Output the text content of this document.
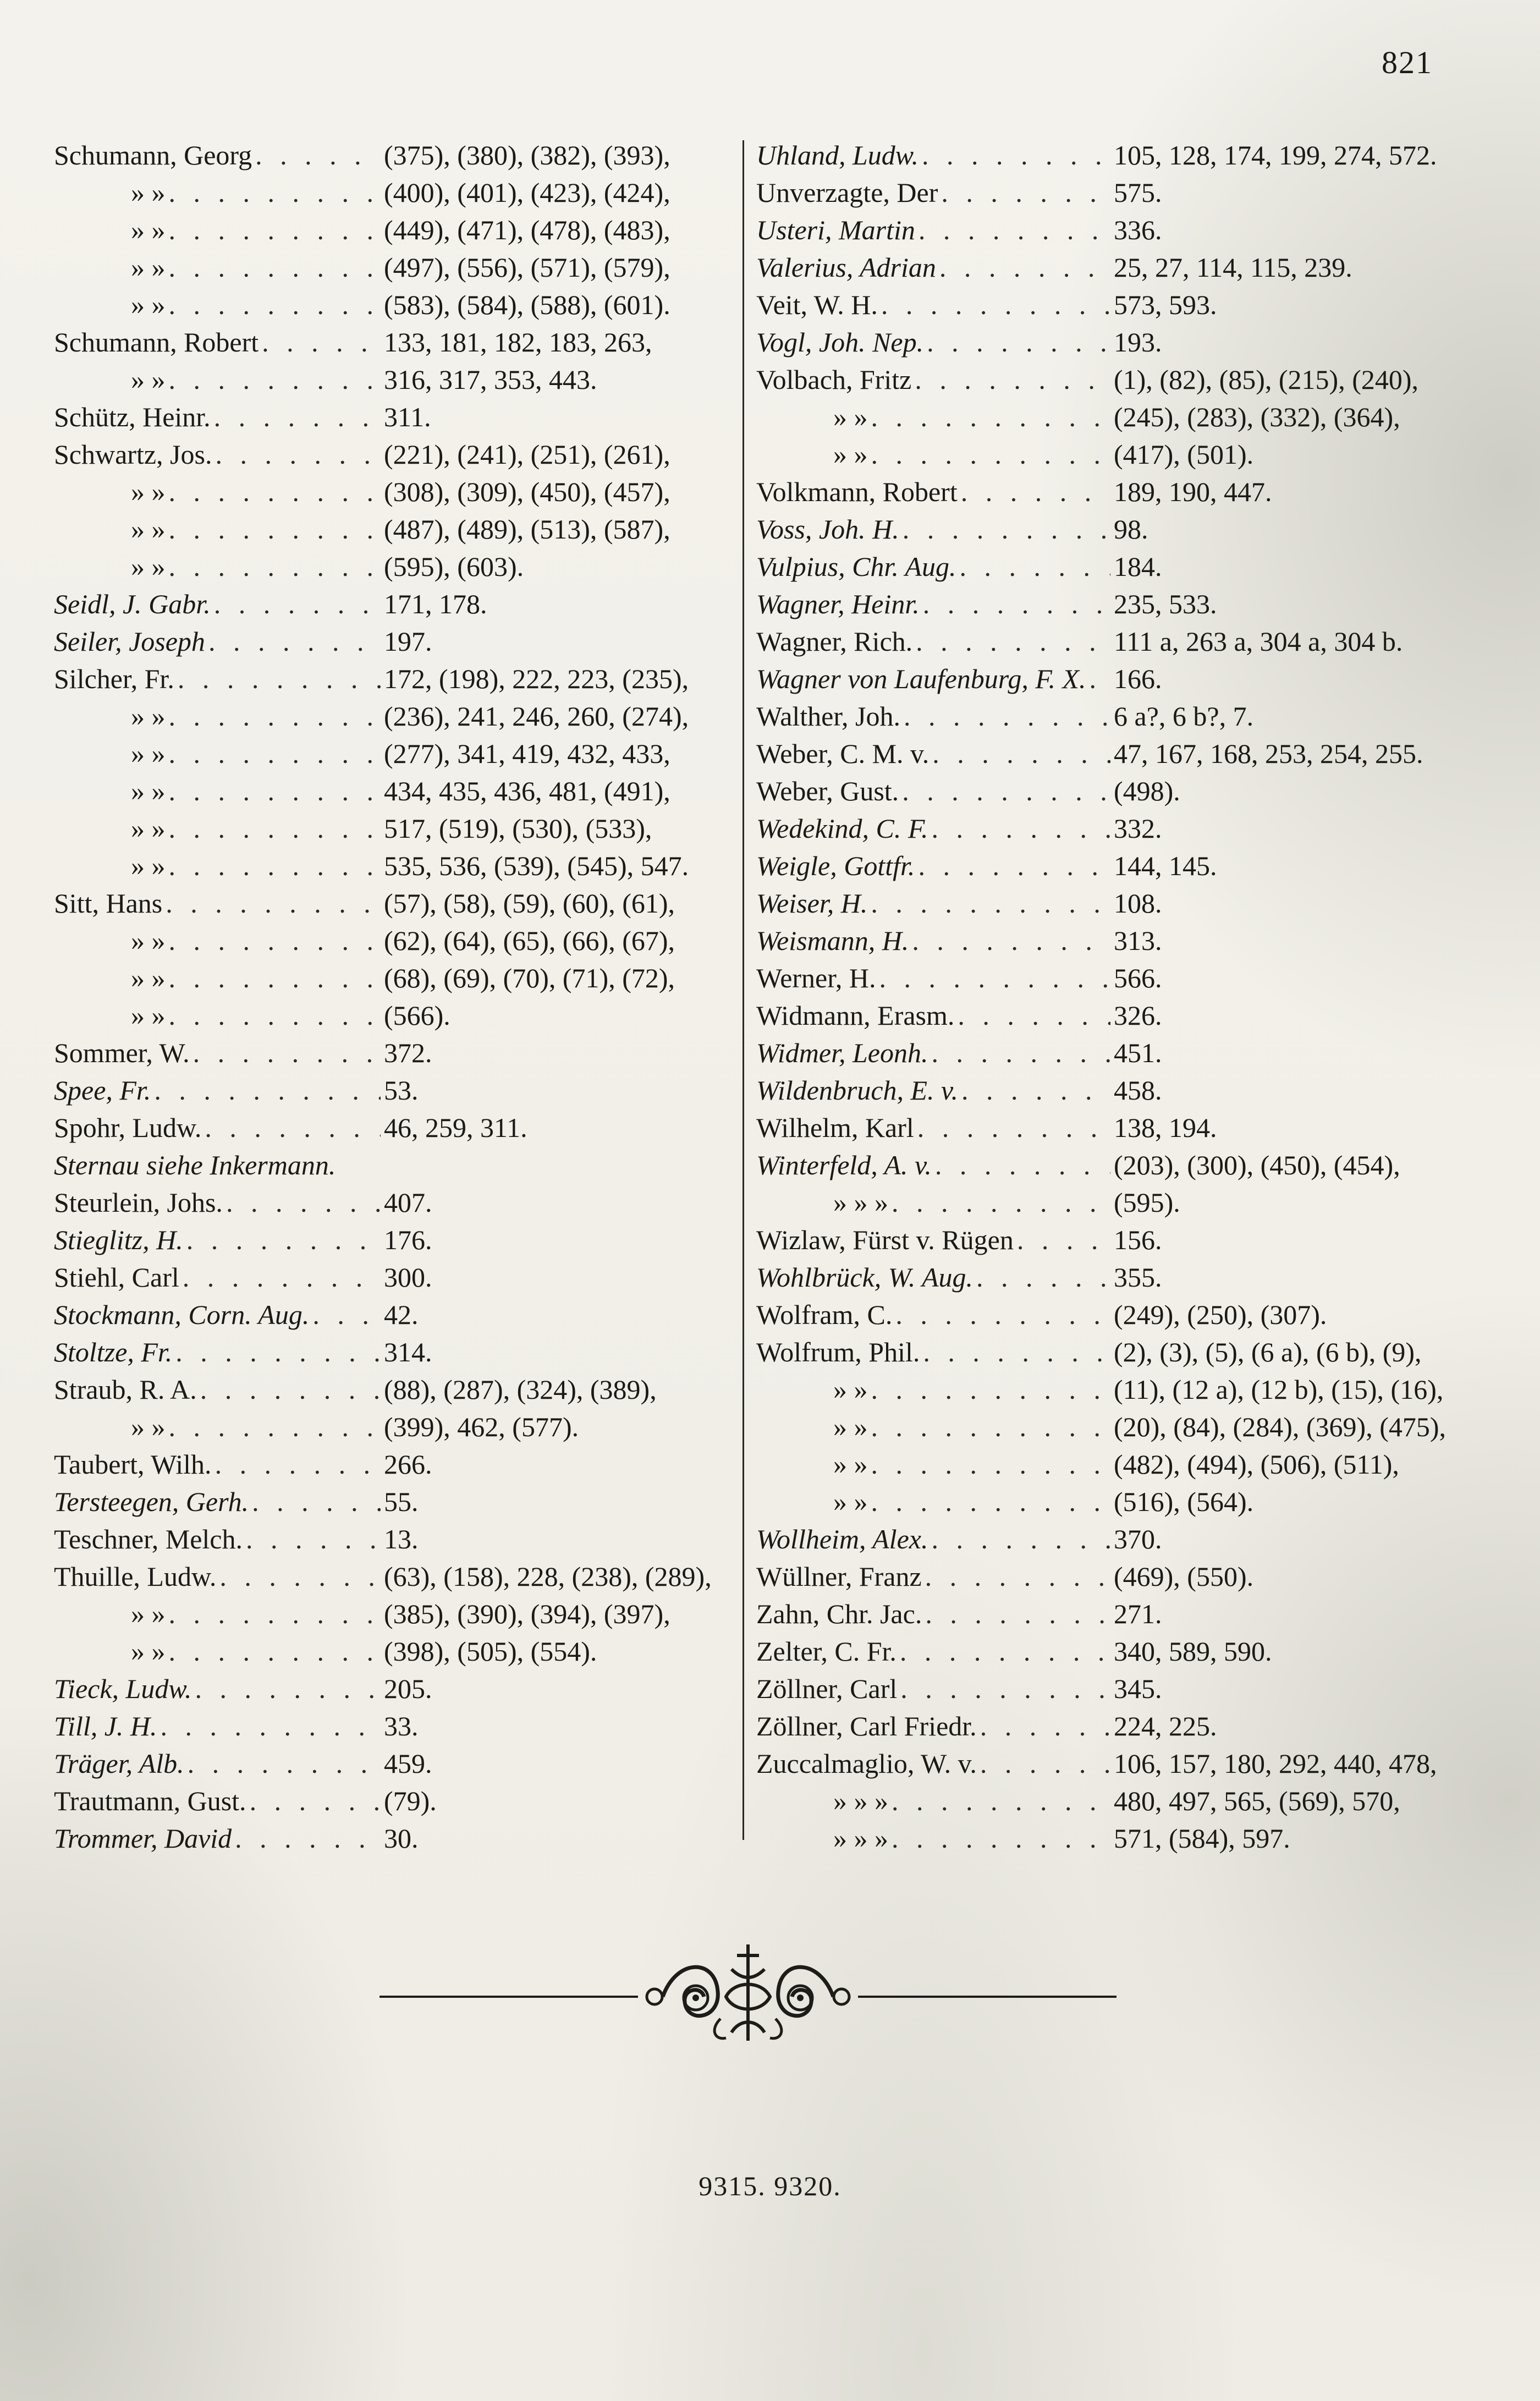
821
Schumann, Georg . . .	(375), (380), (382), (393),
» » . . .	(400), (401), (423), (424),
» » . . .	(449), (471), (478), (483),
» » . . .	(497), (556), (571), (579),
» » . . .	(583), (584), (588), (601).
Schumann, Robert . . .	133, 181, 182, 183, 263,
» » . . .	316, 317, 353, 443.
Schütz, Heinr. . . .	311.
Schwartz, Jos. . . .	(221), (241), (251), (261),
» » . . .	(308), (309), (450), (457),
» » . . .	(487), (489), (513), (587),
» » . . .	(595), (603).
Seidl, J. Gabr. . . .	171, 178.
Seiler, Joseph . . .	197.
Silcher, Fr. . . .	172, (198), 222, 223, (235),
» » . . .	(236), 241, 246, 260, (274),
» » . . .	(277), 341, 419, 432, 433,
» » . . .	434, 435, 436, 481, (491),
» » . . .	517, (519), (530), (533),
» » . . .	535, 536, (539), (545), 547.
Sitt, Hans . . .	(57), (58), (59), (60), (61),
» » . . .	(62), (64), (65), (66), (67),
» » . . .	(68), (69), (70), (71), (72),
» » . . .	(566).
Sommer, W. . . .	372.
Spee, Fr. . . .	53.
Spohr, Ludw. . . .	46, 259, 311.
Sternau siehe Inkermann.
Steurlein, Johs. . . .	407.
Stieglitz, H. . . .	176.
Stiehl, Carl . . .	300.
Stockmann, Corn. Aug. . . .	42.
Stoltze, Fr. . . .	314.
Straub, R. A. . . .	(88), (287), (324), (389),
» » . . .	(399), 462, (577).
Taubert, Wilh. . . .	266.
Tersteegen, Gerh. . . .	55.
Teschner, Melch. . . .	13.
Thuille, Ludw. . . .	(63), (158), 228, (238), (289),
» » . . .	(385), (390), (394), (397),
» » . . .	(398), (505), (554).
Tieck, Ludw. . . .	205.
Till, J. H. . . .	33.
Träger, Alb. . . .	459.
Trautmann, Gust. . . .	(79).
Trommer, David . . .	30.
Uhland, Ludw. . . .	105, 128, 174, 199, 274, 572.
Unverzagte, Der . . .	575.
Usteri, Martin . . .	336.
Valerius, Adrian . . .	25, 27, 114, 115, 239.
Veit, W. H. . . .	573, 593.
Vogl, Joh. Nep. . . .	193.
Volbach, Fritz . . .	(1), (82), (85), (215), (240),
» » . . .	(245), (283), (332), (364),
» » . . .	(417), (501).
Volkmann, Robert . . .	189, 190, 447.
Voss, Joh. H. . . .	98.
Vulpius, Chr. Aug. . . .	184.
Wagner, Heinr. . . .	235, 533.
Wagner, Rich. . . .	111 a, 263 a, 304 a, 304 b.
Wagner von Laufenburg, F. X. . . . 166.
Walther, Joh. . . .	6 a?, 6 b?, 7.
Weber, C. M. v. . . .	47, 167, 168, 253, 254, 255.
Weber, Gust. . . .	(498).
Wedekind, C. F. . . .	332.
Weigle, Gottfr. . . .	144, 145.
Weiser, H. . . .	108.
Weismann, H. . . .	313.
Werner, H. . . .	566.
Widmann, Erasm. . . .	326.
Widmer, Leonh. . . .	451.
Wildenbruch, E. v. . . .	458.
Wilhelm, Karl . . .	138, 194.
Winterfeld, A. v. . . .	(203), (300), (450), (454),
» » » . . .	(595).
Wizlaw, Fürst v. Rügen . . .	156.
Wohlbrück, W. Aug. . . .	355.
Wolfram, C. . . .	(249), (250), (307).
Wolfrum, Phil. . . .	(2), (3), (5), (6 a), (6 b), (9),
» » . . .	(11), (12 a), (12 b), (15), (16),
» » . . .	(20), (84), (284), (369), (475),
» » . . .	(482), (494), (506), (511),
» » . . .	(516), (564).
Wollheim, Alex. . . .	370.
Wüllner, Franz . . .	(469), (550).
Zahn, Chr. Jac. . . .	271.
Zelter, C. Fr. . . .	340, 589, 590.
Zöllner, Carl . . .	345.
Zöllner, Carl Friedr. . . .	224, 225.
Zuccalmaglio, W. v. . . .	106, 157, 180, 292, 440, 478,
» » » . . .	480, 497, 565, (569), 570,
» » » . . .	571, (584), 597.
9315. 9320.
